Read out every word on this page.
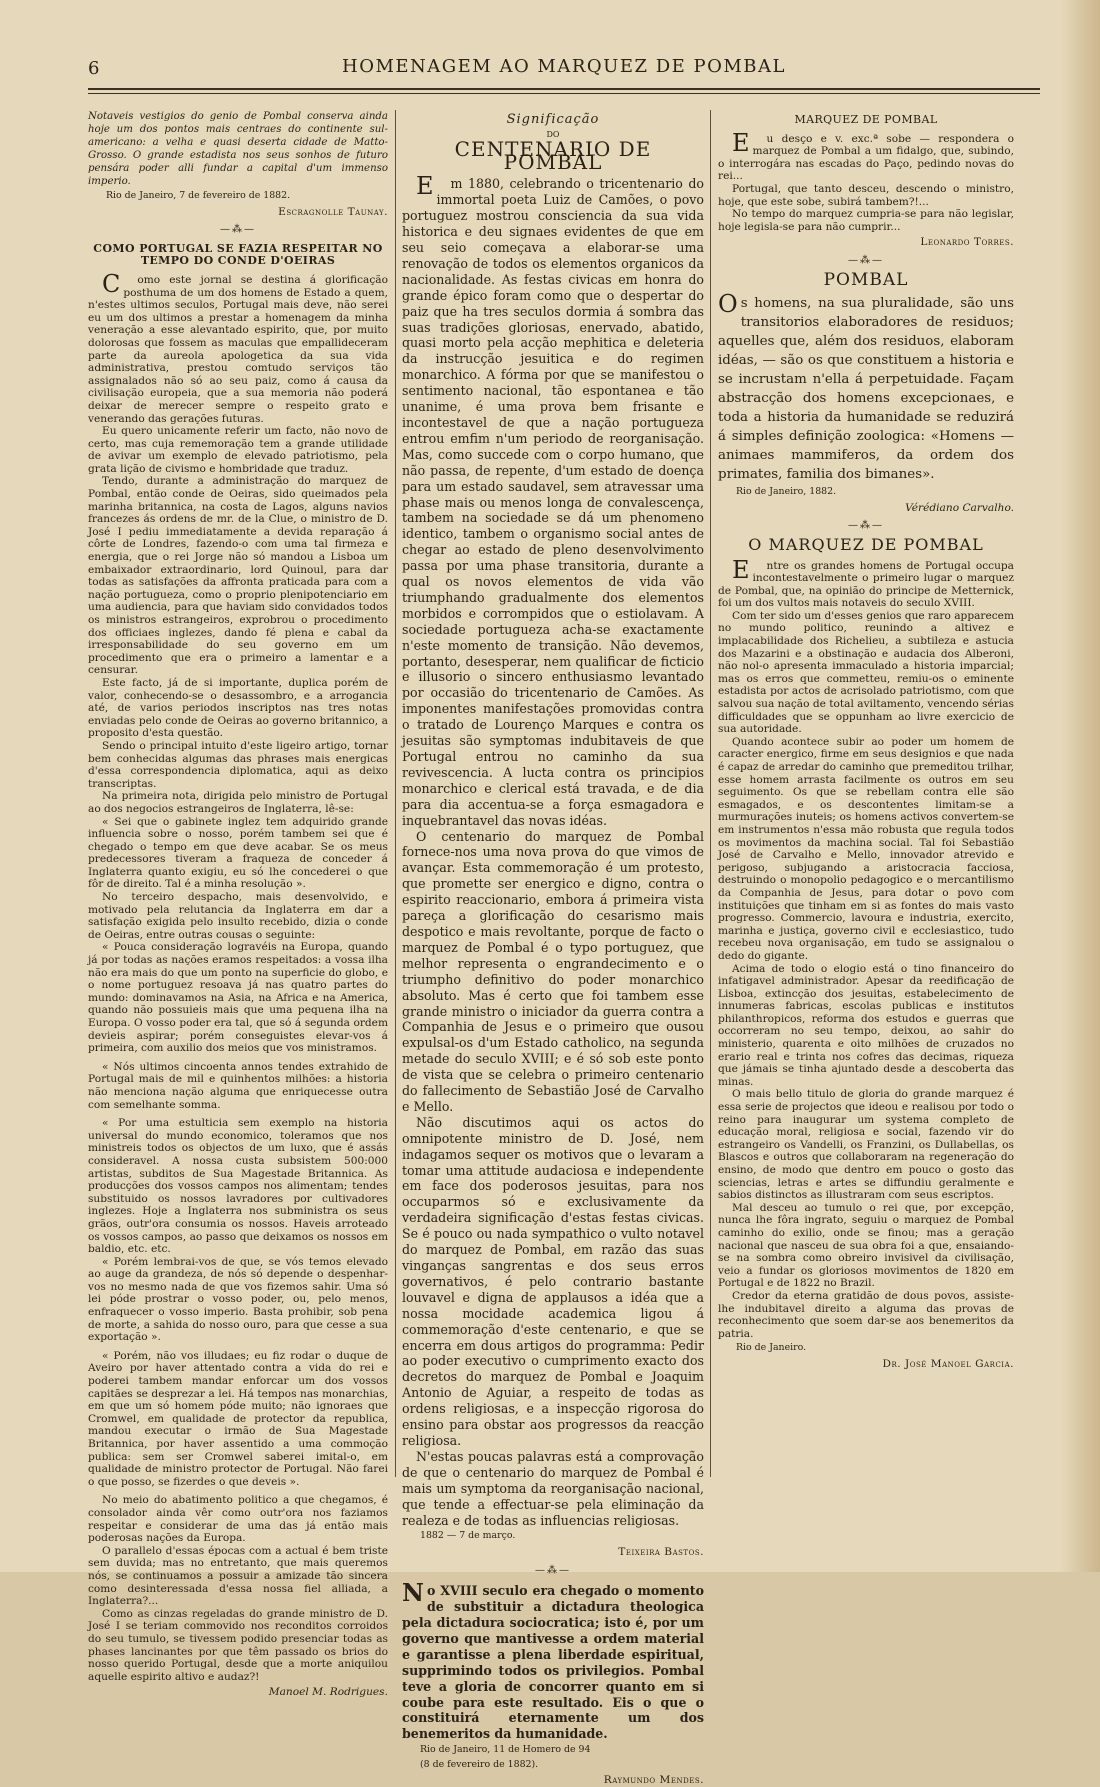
6	HOMENAGEM AO MARQUEZ DE POMBAL

Notaveis vestigios do genio de Pombal conserva ainda hoje um dos pontos mais centraes do continente sul-americano: a velha e quasi deserta cidade de Matto-Grosso. O grande estadista nos seus sonhos de futuro pensára poder alli fundar a capital d'um immenso imperio.

Rio de Janeiro, 7 de fevereiro de 1882.
Escragnolle Taunay.
—⁂—
COMO PORTUGAL SE FAZIA RESPEITAR NO TEMPO DO CONDE D'OEIRAS

Como este jornal se destina á glorificação posthuma de um dos homens de Estado a quem, n'estes ultimos seculos, Portugal mais deve, não serei eu um dos ultimos a prestar a homenagem da minha veneração a esse alevantado espirito, que, por muito dolorosas que fossem as maculas que empallideceram parte da aureola apologetica da sua vida administrativa, prestou comtudo serviços tão assignalados não só ao seu paiz, como á causa da civilisação europeia, que a sua memoria não poderá deixar de merecer sempre o respeito grato e venerando das gerações futuras.

Eu quero unicamente referir um facto, não novo de certo, mas cuja rememoração tem a grande utilidade de avivar um exemplo de elevado patriotismo, pela grata lição de civismo e hombridade que traduz.

Tendo, durante a administração do marquez de Pombal, então conde de Oeiras, sido queimados pela marinha britannica, na costa de Lagos, alguns navios francezes ás ordens de mr. de la Clue, o ministro de D. José I pediu immediatamente a devida reparação á côrte de Londres, fazendo-o com uma tal firmeza e energia, que o rei Jorge não só mandou a Lisboa um embaixador extraordinario, lord Quinoul, para dar todas as satisfações da affronta praticada para com a nação portugueza, como o proprio plenipotenciario em uma audiencia, para que haviam sido convidados todos os ministros estrangeiros, exprobrou o procedimento dos officiaes inglezes, dando fé plena e cabal da irresponsabilidade do seu governo em um procedimento que era o primeiro a lamentar e a censurar.

Este facto, já de si importante, duplica porém de valor, conhecendo-se o desassombro, e a arrogancia até, de varios periodos inscriptos nas tres notas enviadas pelo conde de Oeiras ao governo britannico, a proposito d'esta questão.

Sendo o principal intuito d'este ligeiro artigo, tornar bem conhecidas algumas das phrases mais energicas d'essa correspondencia diplomatica, aqui as deixo transcriptas.

Na primeira nota, dirigida pelo ministro de Portugal ao dos negocios estrangeiros de Inglaterra, lê-se:

« Sei que o gabinete inglez tem adquirido grande influencia sobre o nosso, porém tambem sei que é chegado o tempo em que deve acabar. Se os meus predecessores tiveram a fraqueza de conceder á Inglaterra quanto exigiu, eu só lhe concederei o que fôr de direito. Tal é a minha resolução ».

No terceiro despacho, mais desenvolvido, e motivado pela relutancia da Inglaterra em dar a satisfação exigida pelo insulto recebido, dizia o conde de Oeiras, entre outras cousas o seguinte:

« Pouca consideração logravéis na Europa, quando já por todas as nações eramos respeitados: a vossa ilha não era mais do que um ponto na superficie do globo, e o nome portuguez resoava já nas quatro partes do mundo: dominavamos na Asia, na Africa e na America, quando não possuieis mais que uma pequena ilha na Europa. O vosso poder era tal, que só á segunda ordem devieis aspirar; porém conseguistes elevar-vos á primeira, com auxilio dos meios que vos ministramos.

« Nós ultimos cincoenta annos tendes extrahido de Portugal mais de mil e quinhentos milhões: a historia não menciona nação alguma que enriquecesse outra com semelhante somma.

« Por uma estulticia sem exemplo na historia universal do mundo economico, toleramos que nos ministreis todos os objectos de um luxo, que é assás consideravel. A nossa custa subsistem 500:000 artistas, subditos de Sua Magestade Britannica. As producções dos vossos campos nos alimentam; tendes substituido os nossos lavradores por cultivadores inglezes. Hoje a Inglaterra nos subministra os seus grãos, outr'ora consumia os nossos. Haveis arroteado os vossos campos, ao passo que deixamos os nossos em baldio, etc. etc.

« Porém lembrai-vos de que, se vós temos elevado ao auge da grandeza, de nós só depende o despenhar-vos no mesmo nada de que vos fizemos sahir. Uma só lei póde prostrar o vosso poder, ou, pelo menos, enfraquecer o vosso imperio. Basta prohibir, sob pena de morte, a sahida do nosso ouro, para que cesse a sua exportação ».

« Porém, não vos illudaes; eu fiz rodar o duque de Aveiro por haver attentado contra a vida do rei e poderei tambem mandar enforcar um dos vossos capitães se desprezar a lei. Há tempos nas monarchias, em que um só homem póde muito; não ignoraes que Cromwel, em qualidade de protector da republica, mandou executar o irmão de Sua Magestade Britannica, por haver assentido a uma commoção publica: sem ser Cromwel saberei imital-o, em qualidade de ministro protector de Portugal. Não farei o que posso, se fizerdes o que deveis ».

No meio do abatimento politico a que chegamos, é consolador ainda vêr como outr'ora nos faziamos respeitar e considerar de uma das já então mais poderosas nações da Europa.

O parallelo d'essas épocas com a actual é bem triste sem duvida; mas no entretanto, que mais queremos nós, se continuamos a possuir a amizade tão sincera como desinteressada d'essa nossa fiel alliada, a Inglaterra?...

Como as cinzas regeladas do grande ministro de D. José I se teriam commovido nos reconditos corroidos do seu tumulo, se tivessem podido presenciar todas as phases lancinantes por que têm passado os brios do nosso querido Portugal, desde que a morte aniquilou aquelle espirito altivo e audaz?!

Manoel M. Rodrigues.
Significação
DO
CENTENARIO DE POMBAL

Em 1880, celebrando o tricentenario do immortal poeta Luiz de Camões, o povo portuguez mostrou consciencia da sua vida historica e deu signaes evidentes de que em seu seio começava a elaborar-se uma renovação de todos os elementos organicos da nacionalidade. As festas civicas em honra do grande épico foram como que o despertar do paiz que ha tres seculos dormia á sombra das suas tradições gloriosas, enervado, abatido, quasi morto pela acção mephitica e deleteria da instrucção jesuitica e do regimen monarchico. A fórma por que se manifestou o sentimento nacional, tão espontanea e tão unanime, é uma prova bem frisante e incontestavel de que a nação portugueza entrou emfim n'um periodo de reorganisação. Mas, como succede com o corpo humano, que não passa, de repente, d'um estado de doença para um estado saudavel, sem atravessar uma phase mais ou menos longa de convalescença, tambem na sociedade se dá um phenomeno identico, tambem o organismo social antes de chegar ao estado de pleno desenvolvimento passa por uma phase transitoria, durante a qual os novos elementos de vida vão triumphando gradualmente dos elementos morbidos e corrompidos que o estiolavam. A sociedade portugueza acha-se exactamente n'este momento de transição. Não devemos, portanto, desesperar, nem qualificar de ficticio e illusorio o sincero enthusiasmo levantado por occasião do tricentenario de Camões. As imponentes manifestações promovidas contra o tratado de Lourenço Marques e contra os jesuitas são symptomas indubitaveis de que Portugal entrou no caminho da sua revivescencia. A lucta contra os principios monarchico e clerical está travada, e de dia para dia accentua-se a força esmagadora e inquebrantavel das novas idéas.

O centenario do marquez de Pombal fornece-nos uma nova prova do que vimos de avançar. Esta commemoração é um protesto, que promette ser energico e digno, contra o espirito reaccionario, embora á primeira vista pareça a glorificação do cesarismo mais despotico e mais revoltante, porque de facto o marquez de Pombal é o typo portuguez, que melhor representa o engrandecimento e o triumpho definitivo do poder monarchico absoluto. Mas é certo que foi tambem esse grande ministro o iniciador da guerra contra a Companhia de Jesus e o primeiro que ousou expulsal-os d'um Estado catholico, na segunda metade do seculo XVIII; e é só sob este ponto de vista que se celebra o primeiro centenario do fallecimento de Sebastião José de Carvalho e Mello.

Não discutimos aqui os actos do omnipotente ministro de D. José, nem indagamos sequer os motivos que o levaram a tomar uma attitude audaciosa e independente em face dos poderosos jesuitas, para nos occuparmos só e exclusivamente da verdadeira significação d'estas festas civicas. Se é pouco ou nada sympathico o vulto notavel do marquez de Pombal, em razão das suas vinganças sangrentas e dos seus erros governativos, é pelo contrario bastante louvavel e digna de applausos a idéa que a nossa mocidade academica ligou á commemoração d'este centenario, e que se encerra em dous artigos do programma: Pedir ao poder executivo o cumprimento exacto dos decretos do marquez de Pombal e Joaquim Antonio de Aguiar, a respeito de todas as ordens religiosas, e a inspecção rigorosa do ensino para obstar aos progressos da reacção religiosa.

N'estas poucas palavras está a comprovação de que o centenario do marquez de Pombal é mais um symptoma da reorganisação nacional, que tende a effectuar-se pela eliminação da realeza e de todas as influencias religiosas.

1882 — 7 de março.
Teixeira Bastos.
—⁂—

No XVIII seculo era chegado o momento de substituir a dictadura theologica pela dictadura sociocratica; isto é, por um governo que mantivesse a ordem material e garantisse a plena liberdade espiritual, supprimindo todos os privilegios. Pombal teve a gloria de concorrer quanto em si coube para este resultado. Eis o que o constituirá eternamente um dos benemeritos da humanidade.

Rio de Janeiro, 11 de Homero de 94
(8 de fevereiro de 1882).
Raymundo Mendes.
MARQUEZ DE POMBAL

Eu desço e v. exc.ª sobe — respondera o marquez de Pombal a um fidalgo, que, subindo, o interrogára nas escadas do Paço, pedindo novas do rei...

Portugal, que tanto desceu, descendo o ministro, hoje, que este sobe, subirá tambem?!...

No tempo do marquez cumpria-se para não legislar, hoje legisla-se para não cumprir...

Leonardo Torres.
—⁂—
POMBAL

Os homens, na sua pluralidade, são uns transitorios elaboradores de residuos; aquelles que, além dos residuos, elaboram idéas, — são os que constituem a historia e se incrustam n'ella á perpetuidade. Façam abstracção dos homens excepcionaes, e toda a historia da humanidade se reduzirá á simples definição zoologica: «Homens — animaes mammiferos, da ordem dos primates, familia dos bimanes».

Rio de Janeiro, 1882.
Vérédiano Carvalho.
—⁂—
O MARQUEZ DE POMBAL

Entre os grandes homens de Portugal occupa incontestavelmente o primeiro lugar o marquez de Pombal, que, na opinião do principe de Metternick, foi um dos vultos mais notaveis do seculo XVIII.

Com ter sido um d'esses genios que raro apparecem no mundo politico, reunindo a altivez e implacabilidade dos Richelieu, a subtileza e astucia dos Mazarini e a obstinação e audacia dos Alberoni, não nol-o apresenta immaculado a historia imparcial; mas os erros que commetteu, remiu-os o eminente estadista por actos de acrisolado patriotismo, com que salvou sua nação de total aviltamento, vencendo sérias difficuldades que se oppunham ao livre exercicio de sua autoridade.

Quando acontece subir ao poder um homem de caracter energico, firme em seus designios e que nada é capaz de arredar do caminho que premeditou trilhar, esse homem arrasta facilmente os outros em seu seguimento. Os que se rebellam contra elle são esmagados, e os descontentes limitam-se a murmurações inuteis; os homens activos convertem-se em instrumentos n'essa mão robusta que regula todos os movimentos da machina social. Tal foi Sebastião José de Carvalho e Mello, innovador atrevido e perigoso, subjugando a aristocracia facciosa, destruindo o monopolio pedagogico e o mercantilismo da Companhia de Jesus, para dotar o povo com instituições que tinham em si as fontes do mais vasto progresso. Commercio, lavoura e industria, exercito, marinha e justiça, governo civil e ecclesiastico, tudo recebeu nova organisação, em tudo se assignalou o dedo do gigante.

Acima de todo o elogio está o tino financeiro do infatigavel administrador. Apesar da reedificação de Lisboa, extincção dos jesuitas, estabelecimento de innumeras fabricas, escolas publicas e institutos philanthropicos, reforma dos estudos e guerras que occorreram no seu tempo, deixou, ao sahir do ministerio, quarenta e oito milhões de cruzados no erario real e trinta nos cofres das decimas, riqueza que jámais se tinha ajuntado desde a descoberta das minas.

O mais bello titulo de gloria do grande marquez é essa serie de projectos que ideou e realisou por todo o reino para inaugurar um systema completo de educação moral, religiosa e social, fazendo vir do estrangeiro os Vandelli, os Franzini, os Dullabellas, os Blascos e outros que collaboraram na regeneração do ensino, de modo que dentro em pouco o gosto das sciencias, letras e artes se diffundiu geralmente e sabios distinctos as illustraram com seus escriptos.

Mal desceu ao tumulo o rei que, por excepção, nunca lhe fôra ingrato, seguiu o marquez de Pombal caminho do exilio, onde se finou; mas a geração nacional que nasceu de sua obra foi a que, ensaiando-se na sombra como obreiro invisivel da civilisação, veio a fundar os gloriosos movimentos de 1820 em Portugal e de 1822 no Brazil.

Credor da eterna gratidão de dous povos, assiste-lhe indubitavel direito a alguma das provas de reconhecimento que soem dar-se aos benemeritos da patria.

Rio de Janeiro.
Dr. José Manoel Garcia.
